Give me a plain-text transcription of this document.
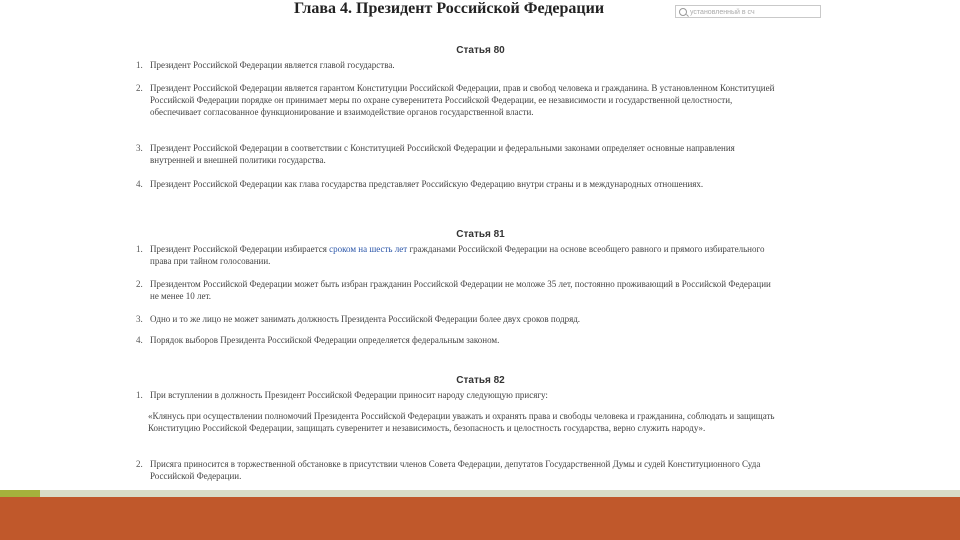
Глава 4. Президент Российской Федерации	установленный в сч
Статья 80
1. Президент Российской Федерации является главой государства.
2. Президент Российской Федерации является гарантом Конституции Российской Федерации, прав и свобод человека и гражданина. В установленном Конституцией Российской Федерации порядке он принимает меры по охране суверенитета Российской Федерации, ее независимости и государственной целостности, обеспечивает согласованное функционирование и взаимодействие органов государственной власти.
3. Президент Российской Федерации в соответствии с Конституцией Российской Федерации и федеральными законами определяет основные направления внутренней и внешней политики государства.
4. Президент Российской Федерации как глава государства представляет Российскую Федерацию внутри страны и в международных отношениях.
Статья 81
1. Президент Российской Федерации избирается сроком на шесть лет гражданами Российской Федерации на основе всеобщего равного и прямого избирательного права при тайном голосовании.
2. Президентом Российской Федерации может быть избран гражданин Российской Федерации не моложе 35 лет, постоянно проживающий в Российской Федерации не менее 10 лет.
3. Одно и то же лицо не может занимать должность Президента Российской Федерации более двух сроков подряд.
4. Порядок выборов Президента Российской Федерации определяется федеральным законом.
Статья 82
1. При вступлении в должность Президент Российской Федерации приносит народу следующую присягу:
«Клянусь при осуществлении полномочий Президента Российской Федерации уважать и охранять права и свободы человека и гражданина, соблюдать и защищать Конституцию Российской Федерации, защищать суверенитет и независимость, безопасность и целостность государства, верно служить народу».
2. Присяга приносится в торжественной обстановке в присутствии членов Совета Федерации, депутатов Государственной Думы и судей Конституционного Суда Российской Федерации.
